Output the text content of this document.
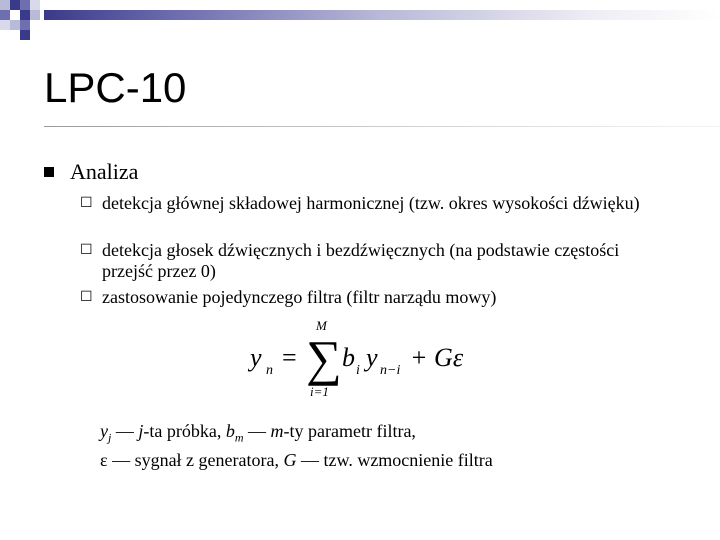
LPC-10
Analiza
☐ detekcja głównej składowej harmonicznej (tzw. okres wysokości dźwięku)
☐ detekcja głosek dźwięcznych i bezdźwięcznych (na podstawie częstości przejść przez 0)
☐ zastosowanie pojedynczego filtra (filtr narządu mowy)
y n =
M
∑
i=1
b i y n−i + Gε
$y_j$ — j-ta próbka, $b_m$ — m-ty parametr filtra,
ε — sygnał z generatora, G — tzw. wzmocnienie filtra
